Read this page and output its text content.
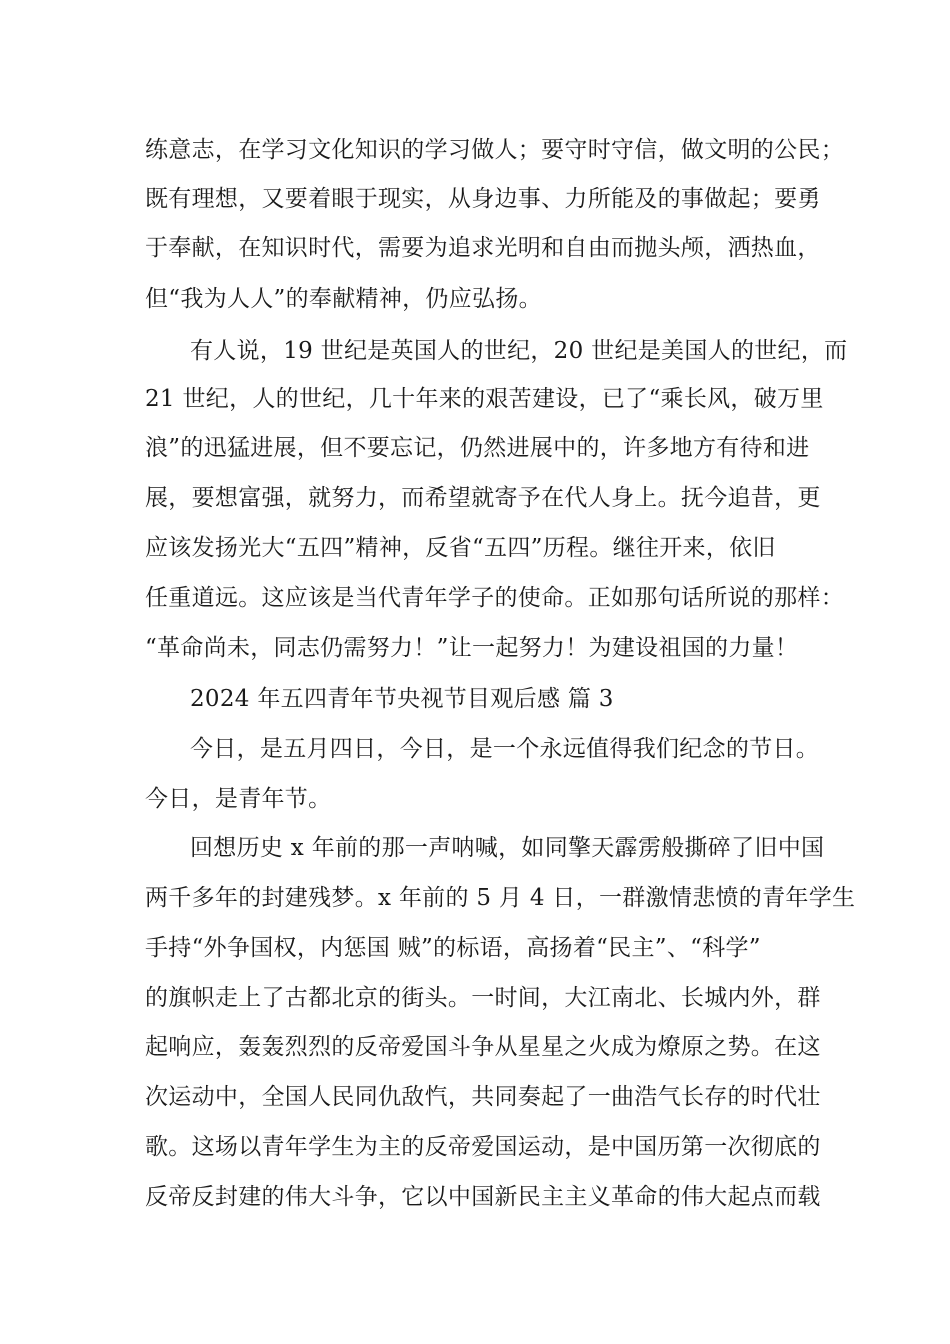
练意志，在学习文化知识的学习做人；要守时守信，做文明的公民；
既有理想，又要着眼于现实，从身边事、力所能及的事做起；要勇
于奉献，在知识时代，需要为追求光明和自由而抛头颅，洒热血，
但“我为人人”的奉献精神，仍应弘扬。
有人说，19 世纪是英国人的世纪，20 世纪是美国人的世纪，而
21 世纪，人的世纪，几十年来的艰苦建设，已了“乘长风，破万里
浪”的迅猛进展，但不要忘记，仍然进展中的，许多地方有待和进
展，要想富强，就努力，而希望就寄予在代人身上。抚今追昔，更
应该发扬光大“五四”精神，反省“五四”历程。继往开来，依旧
任重道远。这应该是当代青年学子的使命。正如那句话所说的那样：
“革命尚未，同志仍需努力！”让一起努力！为建设祖国的力量！
2024 年五四青年节央视节目观后感 篇 3
今日，是五月四日，今日，是一个永远值得我们纪念的节日。
今日，是青年节。
回想历史 x 年前的那一声呐喊，如同擎天霹雳般撕碎了旧中国
两千多年的封建残梦。x 年前的 5 月 4 日，一群激情悲愤的青年学生
手持“外争国权，内惩国 贼”的标语，高扬着“民主”、“科学”
的旗帜走上了古都北京的街头。一时间，大江南北、长城内外，群
起响应，轰轰烈烈的反帝爱国斗争从星星之火成为燎原之势。在这
次运动中，全国人民同仇敌忾，共同奏起了一曲浩气长存的时代壮
歌。这场以青年学生为主的反帝爱国运动，是中国历第一次彻底的
反帝反封建的伟大斗争，它以中国新民主主义革命的伟大起点而载
